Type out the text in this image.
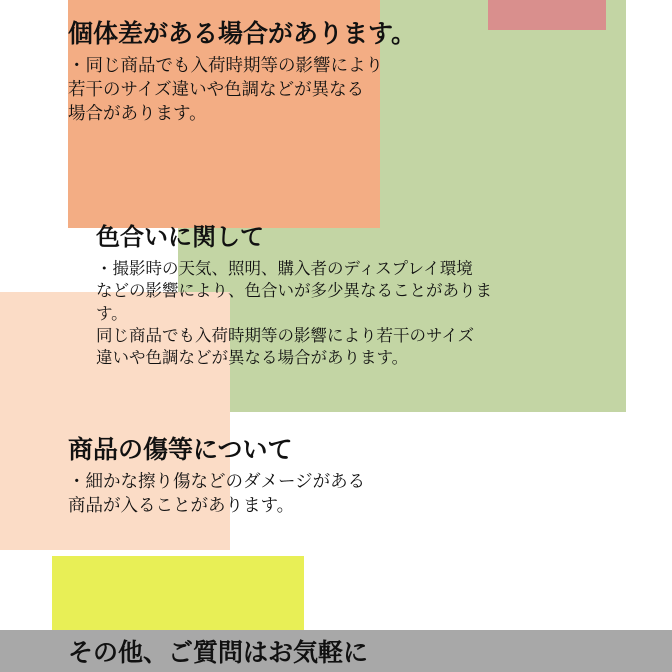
個体差がある場合があります。
・同じ商品でも入荷時期等の影響により
若干のサイズ違いや色調などが異なる
場合があります。
色合いに関して
・撮影時の天気、照明、購入者のディスプレイ環境
などの影響により、色合いが多少異なることがありま
す。
同じ商品でも入荷時期等の影響により若干のサイズ
違いや色調などが異なる場合があります。
商品の傷等について
・細かな擦り傷などのダメージがある
商品が入ることがあります。
その他、ご質問はお気軽に
